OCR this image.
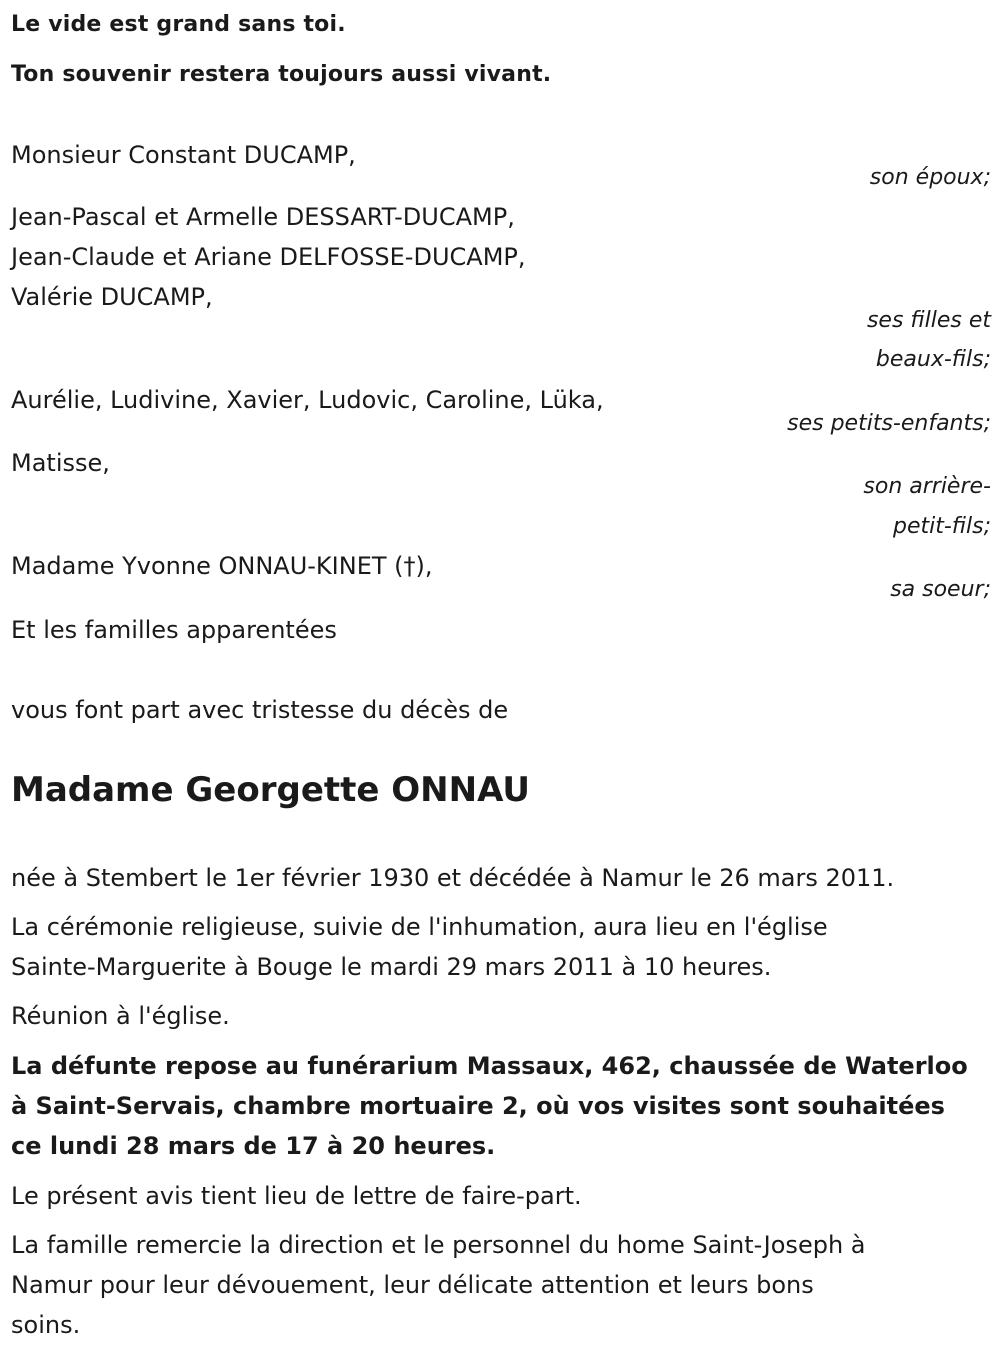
Le vide est grand sans toi.
Ton souvenir restera toujours aussi vivant.
Monsieur Constant DUCAMP,
son époux;
Jean-Pascal et Armelle DESSART-DUCAMP,
Jean-Claude et Ariane DELFOSSE-DUCAMP,
Valérie DUCAMP,
ses filles et
beaux-fils;
Aurélie, Ludivine, Xavier, Ludovic, Caroline, Lüka,
ses petits-enfants;
Matisse,
son arrière-
petit-fils;
Madame Yvonne ONNAU-KINET (†),
sa soeur;
Et les familles apparentées
vous font part avec tristesse du décès de
Madame Georgette ONNAU
née à Stembert le 1er février 1930 et décédée à Namur le 26 mars 2011.
La cérémonie religieuse, suivie de l'inhumation, aura lieu en l'église
Sainte-Marguerite à Bouge le mardi 29 mars 2011 à 10 heures.
Réunion à l'église.
La défunte repose au funérarium Massaux, 462, chaussée de Waterloo
à Saint-Servais, chambre mortuaire 2, où vos visites sont souhaitées
ce lundi 28 mars de 17 à 20 heures.
Le présent avis tient lieu de lettre de faire-part.
La famille remercie la direction et le personnel du home Saint-Joseph à
Namur pour leur dévouement, leur délicate attention et leurs bons
soins.
